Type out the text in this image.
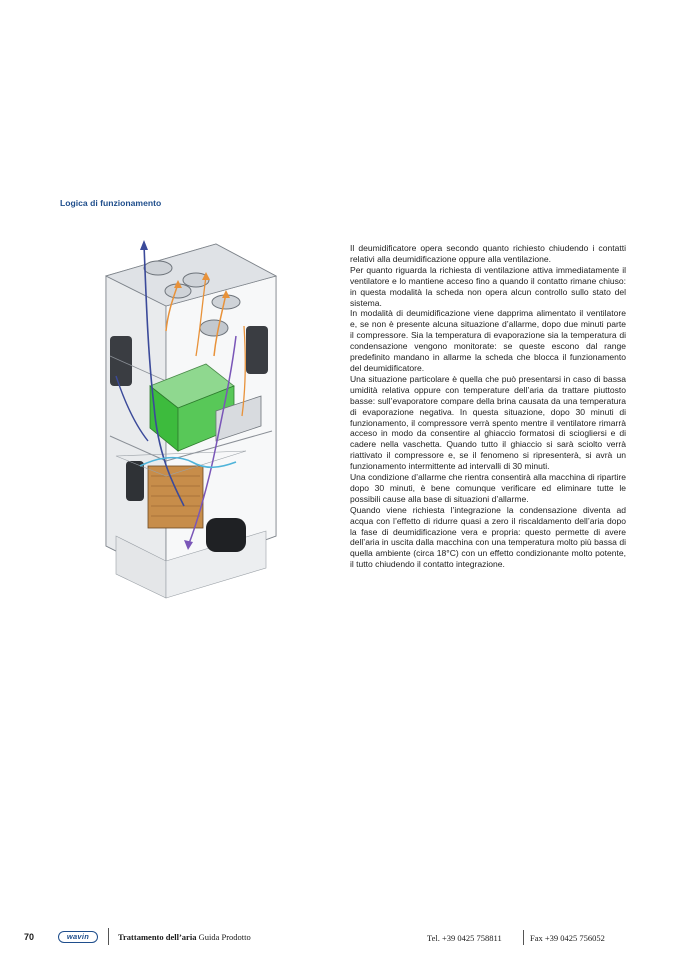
Logica di funzionamento

Il deumidificatore opera secondo quanto richiesto chiudendo i contatti relativi alla deumidificazione oppure alla ventilazione.

Per quanto riguarda la richiesta di ventilazione attiva immediatamente il ventilatore e lo mantiene acceso fino a quando il contatto rimane chiuso: in questa modalità la scheda non opera alcun controllo sullo stato del sistema.

In modalità di deumidificazione viene dapprima alimentato il ventilatore e, se non è presente alcuna situazione d’allarme, dopo due minuti parte il compressore. Sia la temperatura di evaporazione sia la temperatura di condensazione vengono monitorate: se queste escono dal range predefinito mandano in allarme la scheda che blocca il funzionamento del deumidificatore.

Una situazione particolare è quella che può presentarsi in caso di bassa umidità relativa oppure con temperature dell’aria da trattare piuttosto basse: sull’evaporatore compare della brina causata da una temperatura di evaporazione negativa. In questa situazione, dopo 30 minuti di funzionamento, il compressore verrà spento mentre il ventilatore rimarrà acceso in modo da consentire al ghiaccio formatosi di sciogliersi e di cadere nella vaschetta. Quando tutto il ghiaccio si sarà sciolto verrà riattivato il compressore e, se il fenomeno si ripresenterà, si avrà un funzionamento intermittente ad intervalli di 30 minuti.

Una condizione d’allarme che rientra consentirà alla macchina di ripartire dopo 30 minuti, è bene comunque verificare ed eliminare tutte le possibili cause alla base di situazioni d’allarme.

Quando viene richiesta l’integrazione la condensazione diventa ad acqua con l’effetto di ridurre quasi a zero il riscaldamento dell’aria dopo la fase di deumidificazione vera e propria: questo permette di avere dell’aria in uscita dalla macchina con una temperatura molto più bassa di quella ambiente (circa 18°C) con un effetto condizionante molto potente, il tutto chiudendo il contatto integrazione.

70	wavin	Trattamento dell’aria Guida Prodotto	Tel. +39 0425 758811	Fax +39 0425 756052
